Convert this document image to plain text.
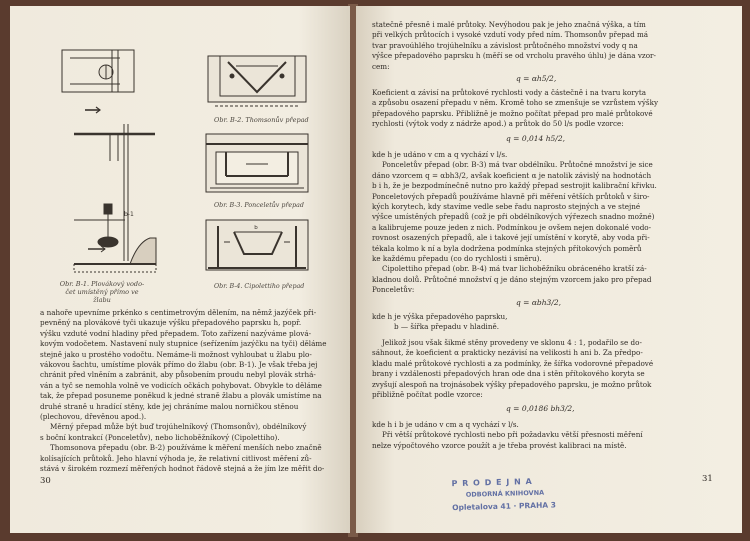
b-1
Obr. B-2. Thomsonův přepad
Obr. B-3. Ponceletův přepad
b
Obr. B-4. Cipolettiho přepad
Obr. B-1. Plovákový vodo-
čet umístěný přímo ve
žlabu
a nahoře upevníme prkénko s centimetrovým dělením, na němž jazýček při-
pevněný na plovákové tyči ukazuje výšku přepadového paprsku h, popř.
výšku vzduté vodní hladiny před přepadem. Toto zařízení nazýváme plová-
kovým vodočetem. Nastavení nuly stupnice (seřízením jazýčku na tyči) děláme
stejně jako u prostého vodočtu. Nemáme-li možnost vyhloubat u žlabu plo-
vákovou šachtu, umístíme plovák přímo do žlabu (obr. B-1). Je však třeba jej
chránit před vlněním a zabránit, aby působením proudu nebyl plovák strhá-
ván a tyč se nemohla volně ve vodicích očkách pohybovat. Obvykle to děláme
tak, že přepad posuneme poněkud k jedné straně žlabu a plovák umístíme na
druhé straně u hradící stěny, kde jej chráníme malou norničkou stěnou
(plechovou, dřevěnou apod.).
Měrný přepad může být buď trojúhelníkový (Thomsonův), obdélníkový
s boční kontrakcí (Ponceletův), nebo lichoběžníkový (Cipolettiho).
Thomsonova přepadu (obr. B-2) používáme k měření menších nebo značně
kolísajících průtoků. Jeho hlavní výhoda je, že relativní citlivost měření zů-
stává v širokém rozmezí měřených hodnot řádově stejná a že jím lze měřit do-
30
statečně přesně i malé průtoky. Nevýhodou pak je jeho značná výška, a tím
při velkých průtocích i vysoké vzdutí vody před ním. Thomsonův přepad má
tvar pravoúhlého trojúhelníku a závislost průtočného množství vody q na
výšce přepadového paprsku h (měří se od vrcholu pravého úhlu) je dána vzor-
cem:
q = αh5/2,
Koeficient α závisí na průtokové rychlosti vody a částečně i na tvaru koryta
a způsobu osazení přepadu v něm. Kromě toho se zmenšuje se vzrůstem výšky
přepadového paprsku. Přibližně je možno počítat přepad pro malé průtokové
rychlosti (výtok vody z nádrže apod.) a průtok do 50 l/s podle vzorce:
q = 0,014 h5/2,
kde h je udáno v cm a q vychází v l/s.
Ponceletův přepad (obr. B-3) má tvar obdélníku. Průtočné množství je sice
dáno vzorcem q = αbh3/2, avšak koeficient α je natolik závislý na hodnotách
b i h, že je bezpodmínečně nutno pro každý přepad sestrojit kalibrační křivku.
Ponceletových přepadů používáme hlavně při měření větších průtoků v širo-
kých korytech, kdy stavíme vedle sebe řadu naprosto stejných a ve stejné
výšce umístěných přepadů (což je při obdélníkových výřezech snadno možné)
a kalibrujeme pouze jeden z nich. Podmínkou je ovšem nejen dokonalé vodo-
rovnost osazených přepadů, ale i takové její umístění v korytě, aby voda při-
tékala kolmo k ní a byla dodržena podmínka stejných přítokových poměrů
ke každému přepadu (co do rychlosti i směru).
Cipolettiho přepad (obr. B-4) má tvar lichoběžníku obráceného kratší zá-
kladnou dolů. Průtočné množství q je dáno stejným vzorcem jako pro přepad
Ponceletův:
q = αbh3/2,
kde h je výška přepadového paprsku,
b — šířka přepadu v hladině.
Jelikož jsou však šikmé stěny provedeny ve sklonu 4 : 1, podařilo se do-
sáhnout, že koeficient α prakticky nezávisí na velikosti h ani b. Za předpo-
kladu malé průtokové rychlosti a za podmínky, že šířka vodorovné přepadové
brany i vzdálenosti přepadových hran ode dna i stěn přítokového koryta se
zvyšují alespoň na trojnásobek výšky přepadového paprsku, je možno průtok
přibližně počítat podle vzorce:
q = 0,0186 bh3/2,
kde h i b je udáno v cm a q vychází v l/s.
Při větší průtokové rychlosti nebo při požadavku větší přesnosti měření
nelze výpočtového vzorce použít a je třeba provést kalibraci na místě.
31
P R O D E J N A
ODBORNÁ KNIHOVNA
Opletalova 41 · PRAHA 3
